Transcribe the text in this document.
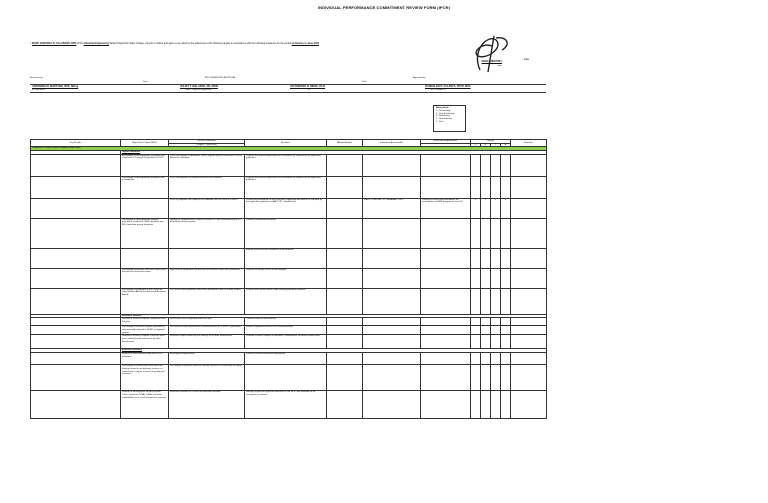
INDIVIDUAL PERFORMANCE COMMITMENT REVIEW FORM (IPCR)
I, MARC JOEFFREY R. CALABANO, RPO of the Industrial Engineering Tarlac Polytechnic State College, commit to deliver and agree to be rated on the attainment of the following targets in accordance with the indicated measures for the period of January to June 2023
MARC JOEFFREY
ratee
Date
Reviewed by:	RECOMMENDING APPROVAL:	Approved by:
Date	Date
ANTONINO M. MAPAYNO, RPE, MEng
IE Department
JULIET T. MALAPAD, DE, MCM
Dean, College of Engineering
VICTORIANO B. MEDE, Ph.D
VP
DANDALDO P. ZALANTA, RTCP, MPA
SUC President III
Rating Scale
5 - Outstanding
4 - Very Satisfactory
3 - Satisfactory
2 - Unsatisfactory
1 - Poor
Key Results	Major Final Output (MFO)	Success Indicators	Activities	Allotted Budget	Individuals Accountable	Actual Accomplishments	Rating				Remarks
		(Targets + Measures)					Q	E	T	A	
STRATEGIC FUNCTIONS/ PRIMARY KRA 100%											
	Higher Education										
	Percentage of undergraduate programs with Certificate of Program Compliance (COPC)	100% of programs in Academic Units/Program quality assessment: Sound Board for evaluation	Prepare and submit requirements for evaluation as required by the applicable guidelines								
	Percentage of undergraduate programs with accreditation	100% of programs accredited/Sound for accreditation	Prepare and submit requirements for evaluation as required by the applicable guidelines								
		100% of programs are ready for accreditation with no Level of Phase 3	Prepare documentation of the necessary supporting documents as required by the applicable guidelines of AACCUP: submitted by		MARC JOEFFREY R. CALABANO, RPO	Prepare the necessary documents for accreditation of BSIE program for Level III	4	4	4	4	
	Percentage of undergraduate student population enrolled in CHED-identified and RDC-identified priority programs	Number of undergraduate students enrolled in CHED-identified and RDC-identified priority programs	Conduct enrolment/Procedures								
			Monitor and record the enrollment in the program								
	Percentage of first-time licensure exam-takers that pass the licensure exams	Rate of BSIE graduates that passed the licensure exam after graduation	Prepare the design of the review program								
	Percentage of graduates in the Provincial Good Student Award that Received Academic Award	90% of the BSIE graduates have been absorbed in jobs or further studies	Prepare and conduct tracer study among graduating students								
	Research Services										
	Number of research outputs completed within the year	No research was completed within the year	Conduct research and write up								
	Percentage of research outputs published in internationally-referred or CHED recognized journal	No research output published in refereed journal for at least 1 publication	Submit completed research to a refereed journal								
	Number of research outputs in the last three years utilized by the industry or by other beneficiaries	Research output utilized by the industry or by other beneficiaries	Promote research outputs to industries, communities and other beneficiaries								
	Extension Services										
	Number of active partnerships with LGUs, industries	No program implemented	Conduct research/extension deployment								
	Percentage of beneficiaries who rated the training course/s and advisory services as satisfactory or higher in terms of quality and relevance	Percentage of partners rated the training services as satisfactory or higher									
	Number of technologies transferred with LGUs, industries, NGAs, SMEs and other stakeholders as a result of extension activities	Extension activities as a result of extension activities	Identify prospective agencies/industries to the MOC and formalize to be consigned as partners								
